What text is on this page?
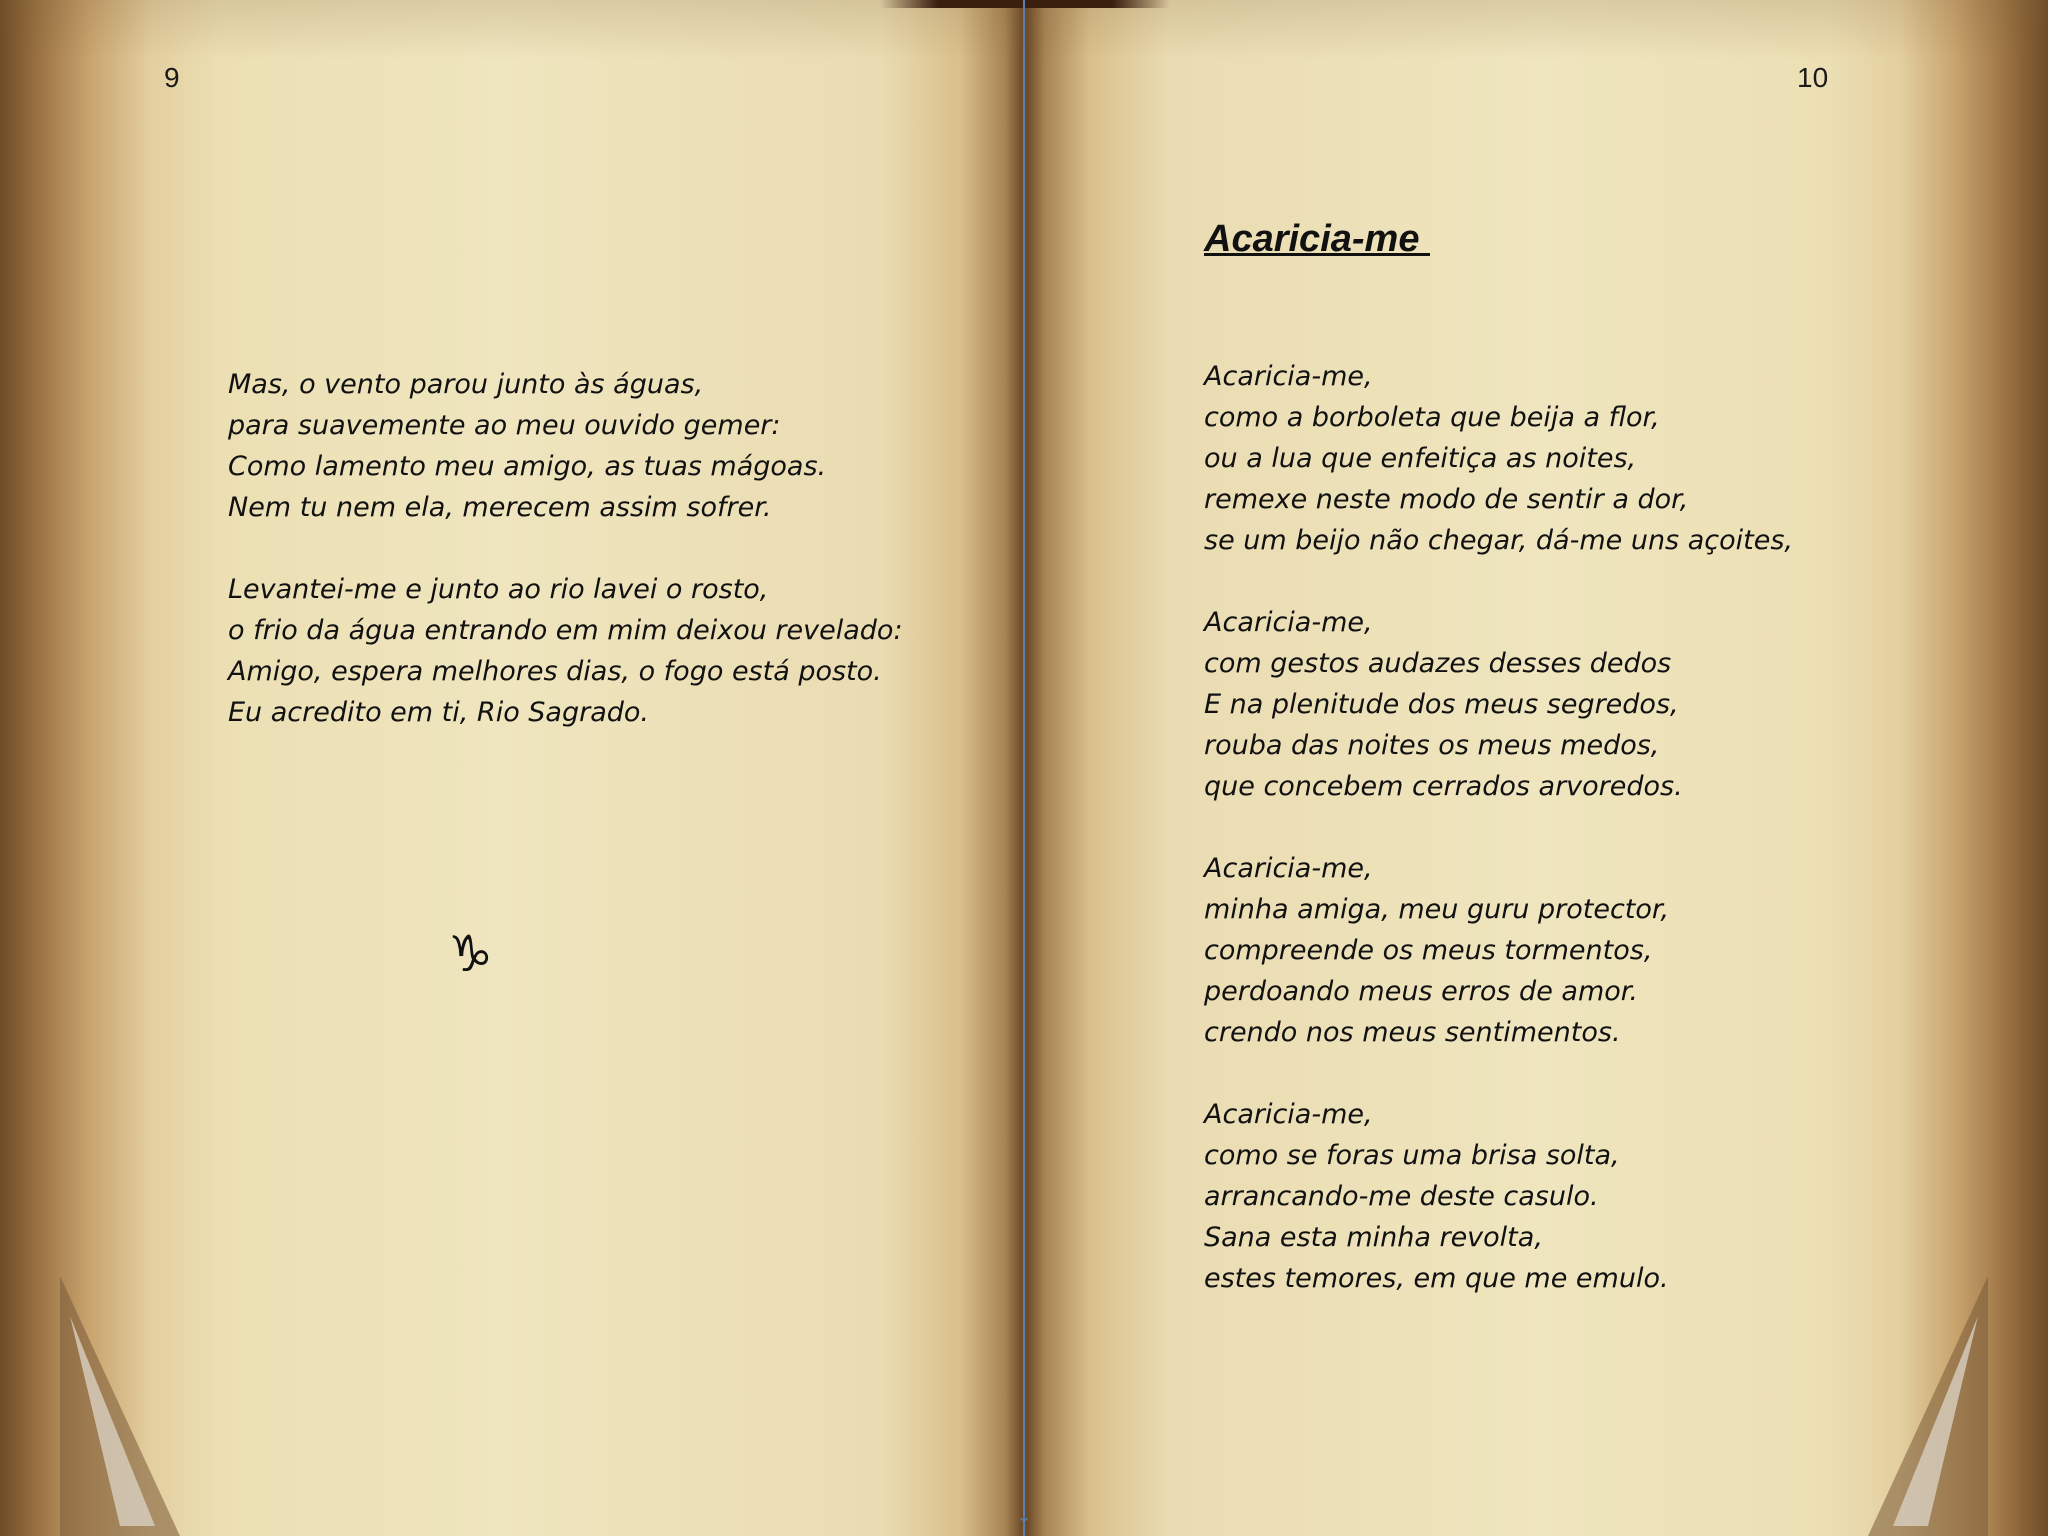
9
Mas, o vento parou junto às águas,
para suavemente ao meu ouvido gemer:
Como lamento meu amigo, as tuas mágoas.
Nem tu nem ela, merecem assim sofrer.
Levantei-me e junto ao rio lavei o rosto,
o frio da água entrando em mim deixou revelado:
Amigo, espera melhores dias, o fogo está posto.
Eu acredito em ti, Rio Sagrado.
♑
⌄
10
Acaricia-me
Acaricia-me,
como a borboleta que beija a flor,
ou a lua que enfeitiça as noites,
remexe neste modo de sentir a dor,
se um beijo não chegar, dá-me uns açoites,
Acaricia-me,
com gestos audazes desses dedos
E na plenitude dos meus segredos,
rouba das noites os meus medos,
que concebem cerrados arvoredos.
Acaricia-me,
minha amiga, meu guru protector,
compreende os meus tormentos,
perdoando meus erros de amor.
crendo nos meus sentimentos.
Acaricia-me,
como se foras uma brisa solta,
arrancando-me deste casulo.
Sana esta minha revolta,
estes temores, em que me emulo.
